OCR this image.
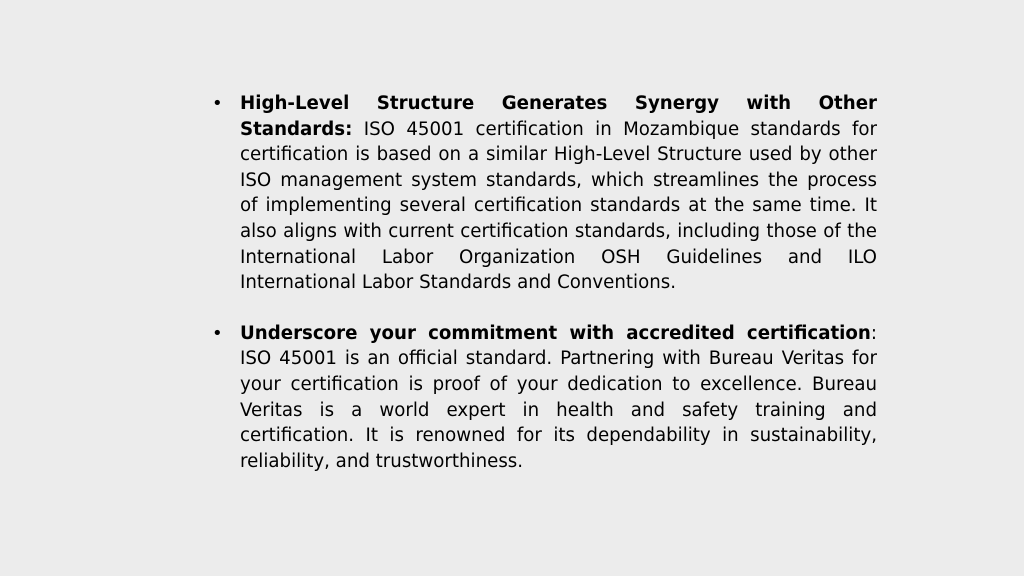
• High-Level Structure Generates Synergy with Other Standards: ISO 45001 certification in Mozambique standards for certification is based on a similar High-Level Structure used by other ISO management system standards, which streamlines the process of implementing several certification standards at the same time. It also aligns with current certification standards, including those of the International Labor Organization OSH Guidelines and ILO International Labor Standards and Conventions.
• Underscore your commitment with accredited certification: ISO 45001 is an official standard. Partnering with Bureau Veritas for your certification is proof of your dedication to excellence. Bureau Veritas is a world expert in health and safety training and certification. It is renowned for its dependability in sustainability, reliability, and trustworthiness.
